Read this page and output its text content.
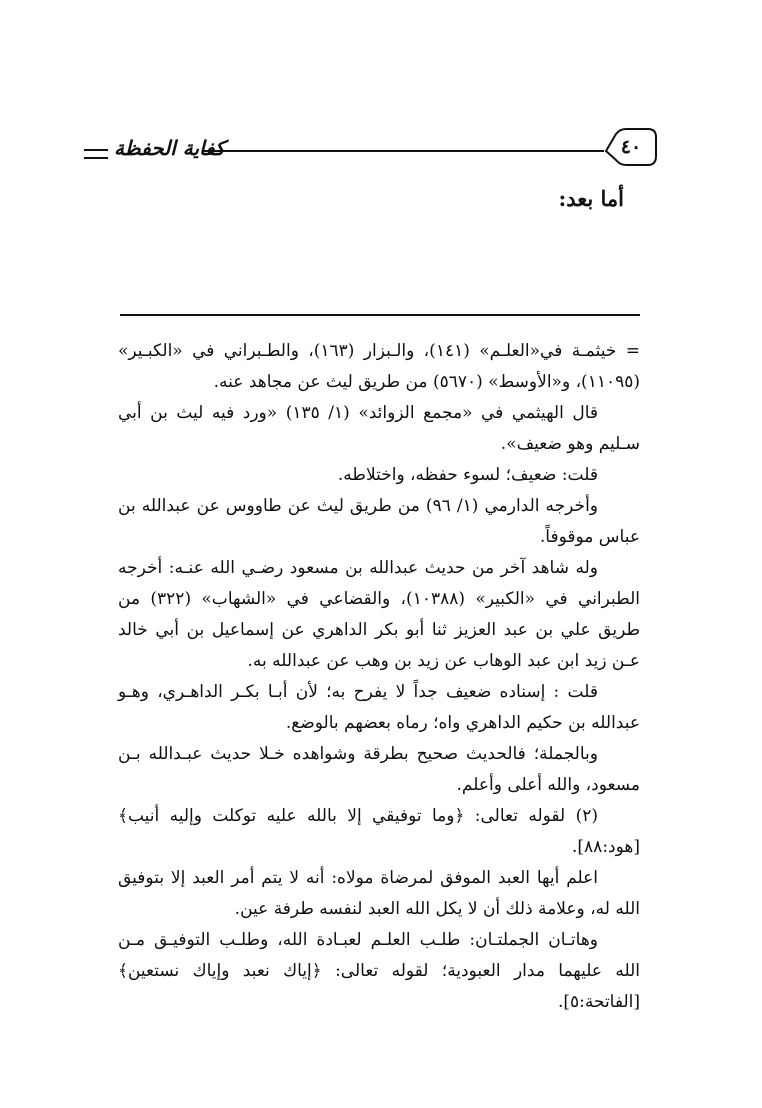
كفاية الحفظة	٤٠
أما بعد:

= خيثمـة في«العلـم» (١٤١)، والـبزار (١٦٣)، والطـبراني في «الكبـير» (١١٠٩٥)، و«الأوسط» (٥٦٧٠) من طريق ليث عن مجاهد عنه.

قال الهيثمي في «مجمع الزوائد» (١/ ١٣٥) «ورد فيه ليث بن أبي سـليم وهو ضعيف».

قلت: ضعيف؛ لسوء حفظه، واختلاطه.

وأخرجه الدارمي (١/ ٩٦) من طريق ليث عن طاووس عن عبدالله بن عباس موقوفاً.

وله شاهد آخر من حديث عبدالله بن مسعود رضـي الله عنـه: أخرجه الطبراني في «الكبير» (١٠٣٨٨)، والقضاعي في «الشهاب» (٣٢٢) من طريق علي بن عبد العزيز ثنا أبو بكر الداهري عن إسماعيل بن أبي خالد عـن زيد ابن عبد الوهاب عن زيد بن وهب عن عبدالله به.

قلت : إسناده ضعيف جداً لا يفرح به؛ لأن أبـا بكـر الداهـري، وهـو عبدالله بن حكيم الداهري واه؛ رماه بعضهم بالوضع.

وبالجملة؛ فالحديث صحيح بطرقة وشواهده خـلا حديث عبـدالله بـن مسعود، والله أعلى وأعلم.

(٢) لقوله تعالى: ﴿وما توفيقي إلا بالله عليه توكلت وإليه أنيب﴾ [هود:٨٨].

اعلم أيها العبد الموفق لمرضاة مولاه: أنه لا يتم أمر العبد إلا بتوفيق الله له، وعلامة ذلك أن لا يكل الله العبد لنفسه طرفة عين.

وهاتـان الجملتـان: طلـب العلـم لعبـادة الله، وطلـب التوفيـق مـن الله عليهما مدار العبودية؛ لقوله تعالى: ﴿إياك نعبد وإياك نستعين﴾ [الفاتحة:٥].
